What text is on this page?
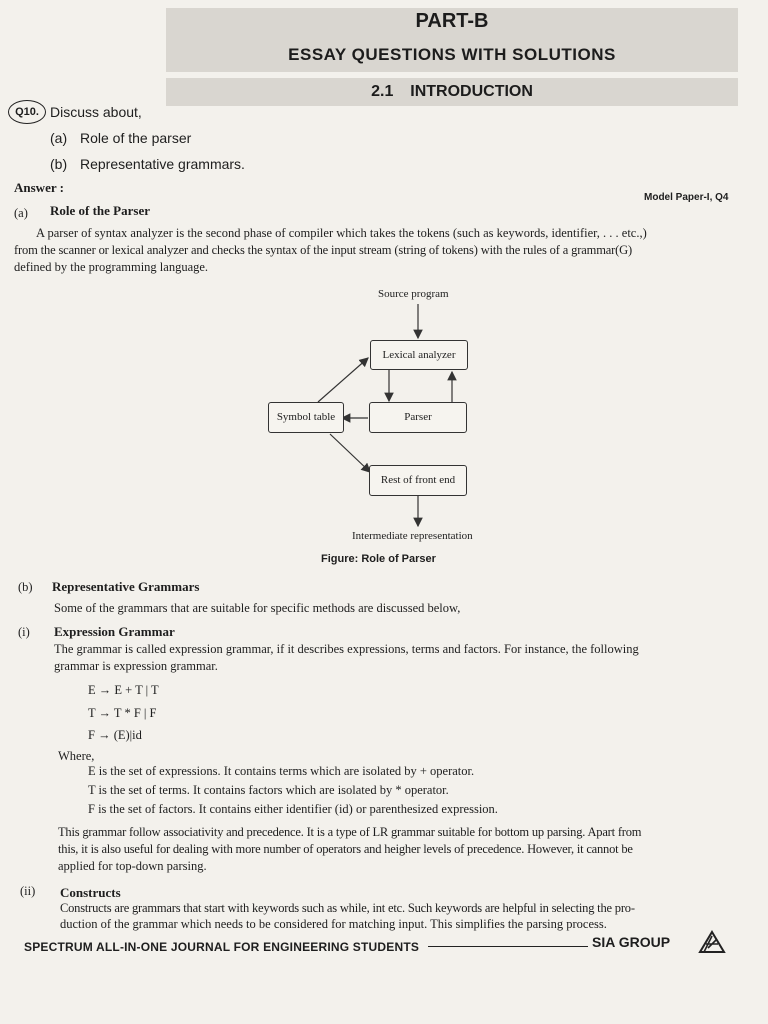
PART-B
ESSAY QUESTIONS WITH SOLUTIONS
2.1 INTRODUCTION
Q10. Discuss about,
(a) Role of the parser
(b) Representative grammars.
Answer :
Model Paper-I, Q4
(a) Role of the Parser
A parser of syntax analyzer is the second phase of compiler which takes the tokens (such as keywords, identifier, . . . etc.,)
from the scanner or lexical analyzer and checks the syntax of the input stream (string of tokens) with the rules of a grammar(G)
defined by the programming language.
Source program
Lexical analyzer
Parser
Symbol table
Rest of front end
Intermediate representation
Figure: Role of Parser
(b) Representative Grammars
Some of the grammars that are suitable for specific methods are discussed below,
(i) Expression Grammar
The grammar is called expression grammar, if it describes expressions, terms and factors. For instance, the following
grammar is expression grammar.
E → E + T | T
T → T * F | F
F → (E)|id
Where,
E is the set of expressions. It contains terms which are isolated by + operator.
T is the set of terms. It contains factors which are isolated by * operator.
F is the set of factors. It contains either identifier (id) or parenthesized expression.
This grammar follow associativity and precedence. It is a type of LR grammar suitable for bottom up parsing. Apart from
this, it is also useful for dealing with more number of operators and heigher levels of precedence. However, it cannot be
applied for top-down parsing.
(ii) Constructs
Constructs are grammars that start with keywords such as while, int etc. Such keywords are helpful in selecting the pro-
duction of the grammar which needs to be considered for matching input. This simplifies the parsing process.
SPECTRUM ALL-IN-ONE JOURNAL FOR ENGINEERING STUDENTS	SIA GROUP
